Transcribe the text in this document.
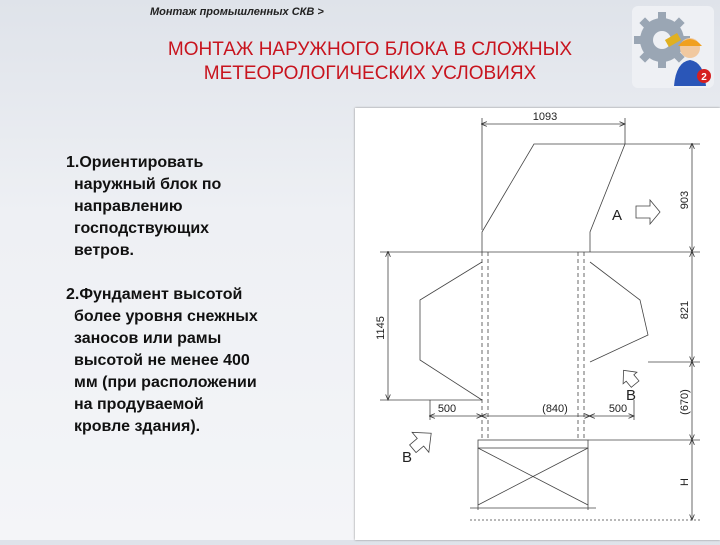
Монтаж промышленных СКВ >
МОНТАЖ НАРУЖНОГО БЛОКА В СЛОЖНЫХ
МЕТЕОРОЛОГИЧЕСКИХ УСЛОВИЯХ	2
1.Ориентировать
наружный блок по
направлению
господствующих
ветров.
2.Фундамент высотой
более уровня снежных
заносов или рамы
высотой не менее 400
мм (при расположении
на продуваемой
кровле здания).
1093
903
821
(670)
H
1145
500	(840)	500
A
B
B
